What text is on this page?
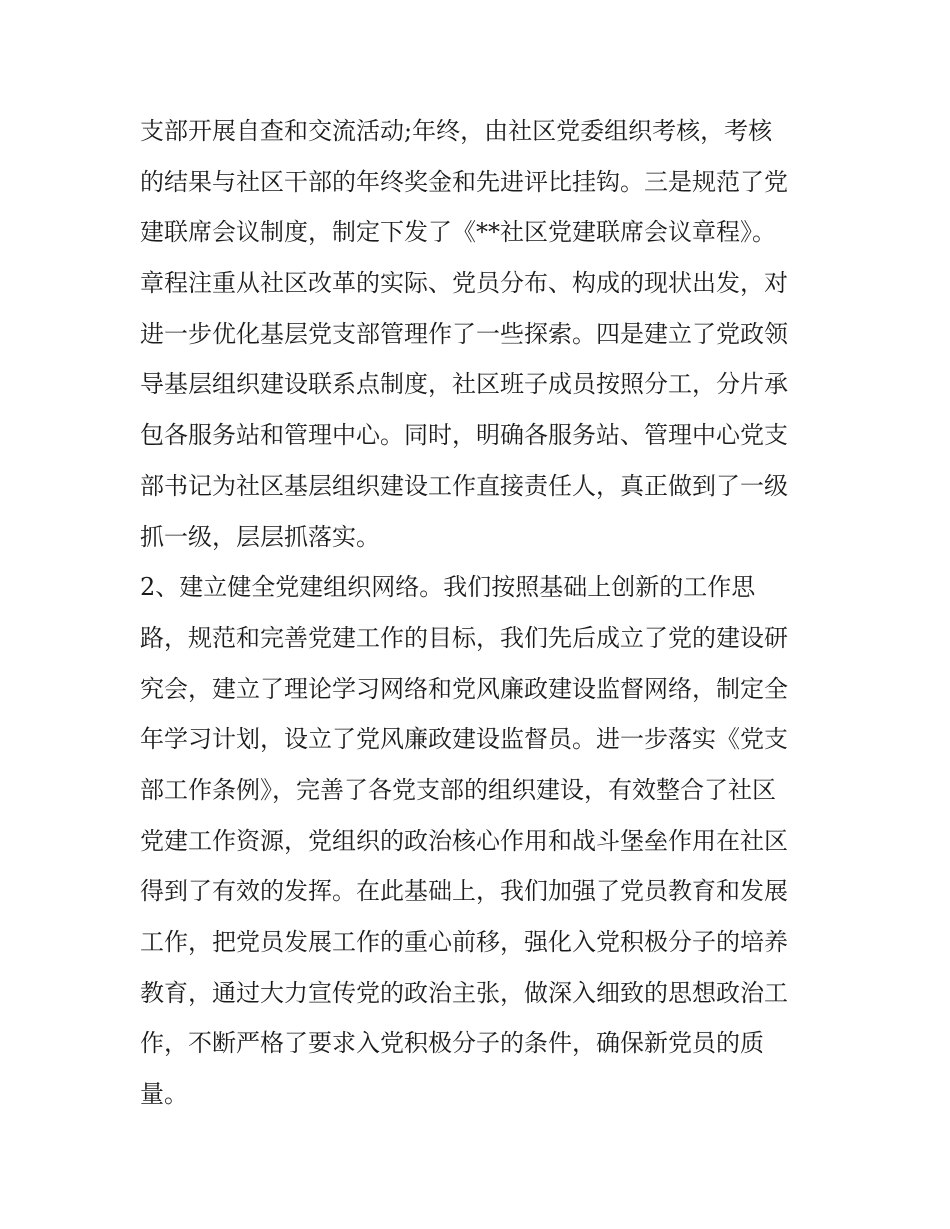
支部开展自查和交流活动;年终，由社区党委组织考核，考核
的结果与社区干部的年终奖金和先进评比挂钩。三是规范了党
建联席会议制度，制定下发了《**社区党建联席会议章程》。
章程注重从社区改革的实际、党员分布、构成的现状出发，对
进一步优化基层党支部管理作了一些探索。四是建立了党政领
导基层组织建设联系点制度，社区班子成员按照分工，分片承
包各服务站和管理中心。同时，明确各服务站、管理中心党支
部书记为社区基层组织建设工作直接责任人，真正做到了一级
抓一级，层层抓落实。
2、建立健全党建组织网络。我们按照基础上创新的工作思
路，规范和完善党建工作的目标，我们先后成立了党的建设研
究会，建立了理论学习网络和党风廉政建设监督网络，制定全
年学习计划，设立了党风廉政建设监督员。进一步落实《党支
部工作条例》，完善了各党支部的组织建设，有效整合了社区
党建工作资源，党组织的政治核心作用和战斗堡垒作用在社区
得到了有效的发挥。在此基础上，我们加强了党员教育和发展
工作，把党员发展工作的重心前移，强化入党积极分子的培养
教育，通过大力宣传党的政治主张，做深入细致的思想政治工
作，不断严格了要求入党积极分子的条件，确保新党员的质
量。
